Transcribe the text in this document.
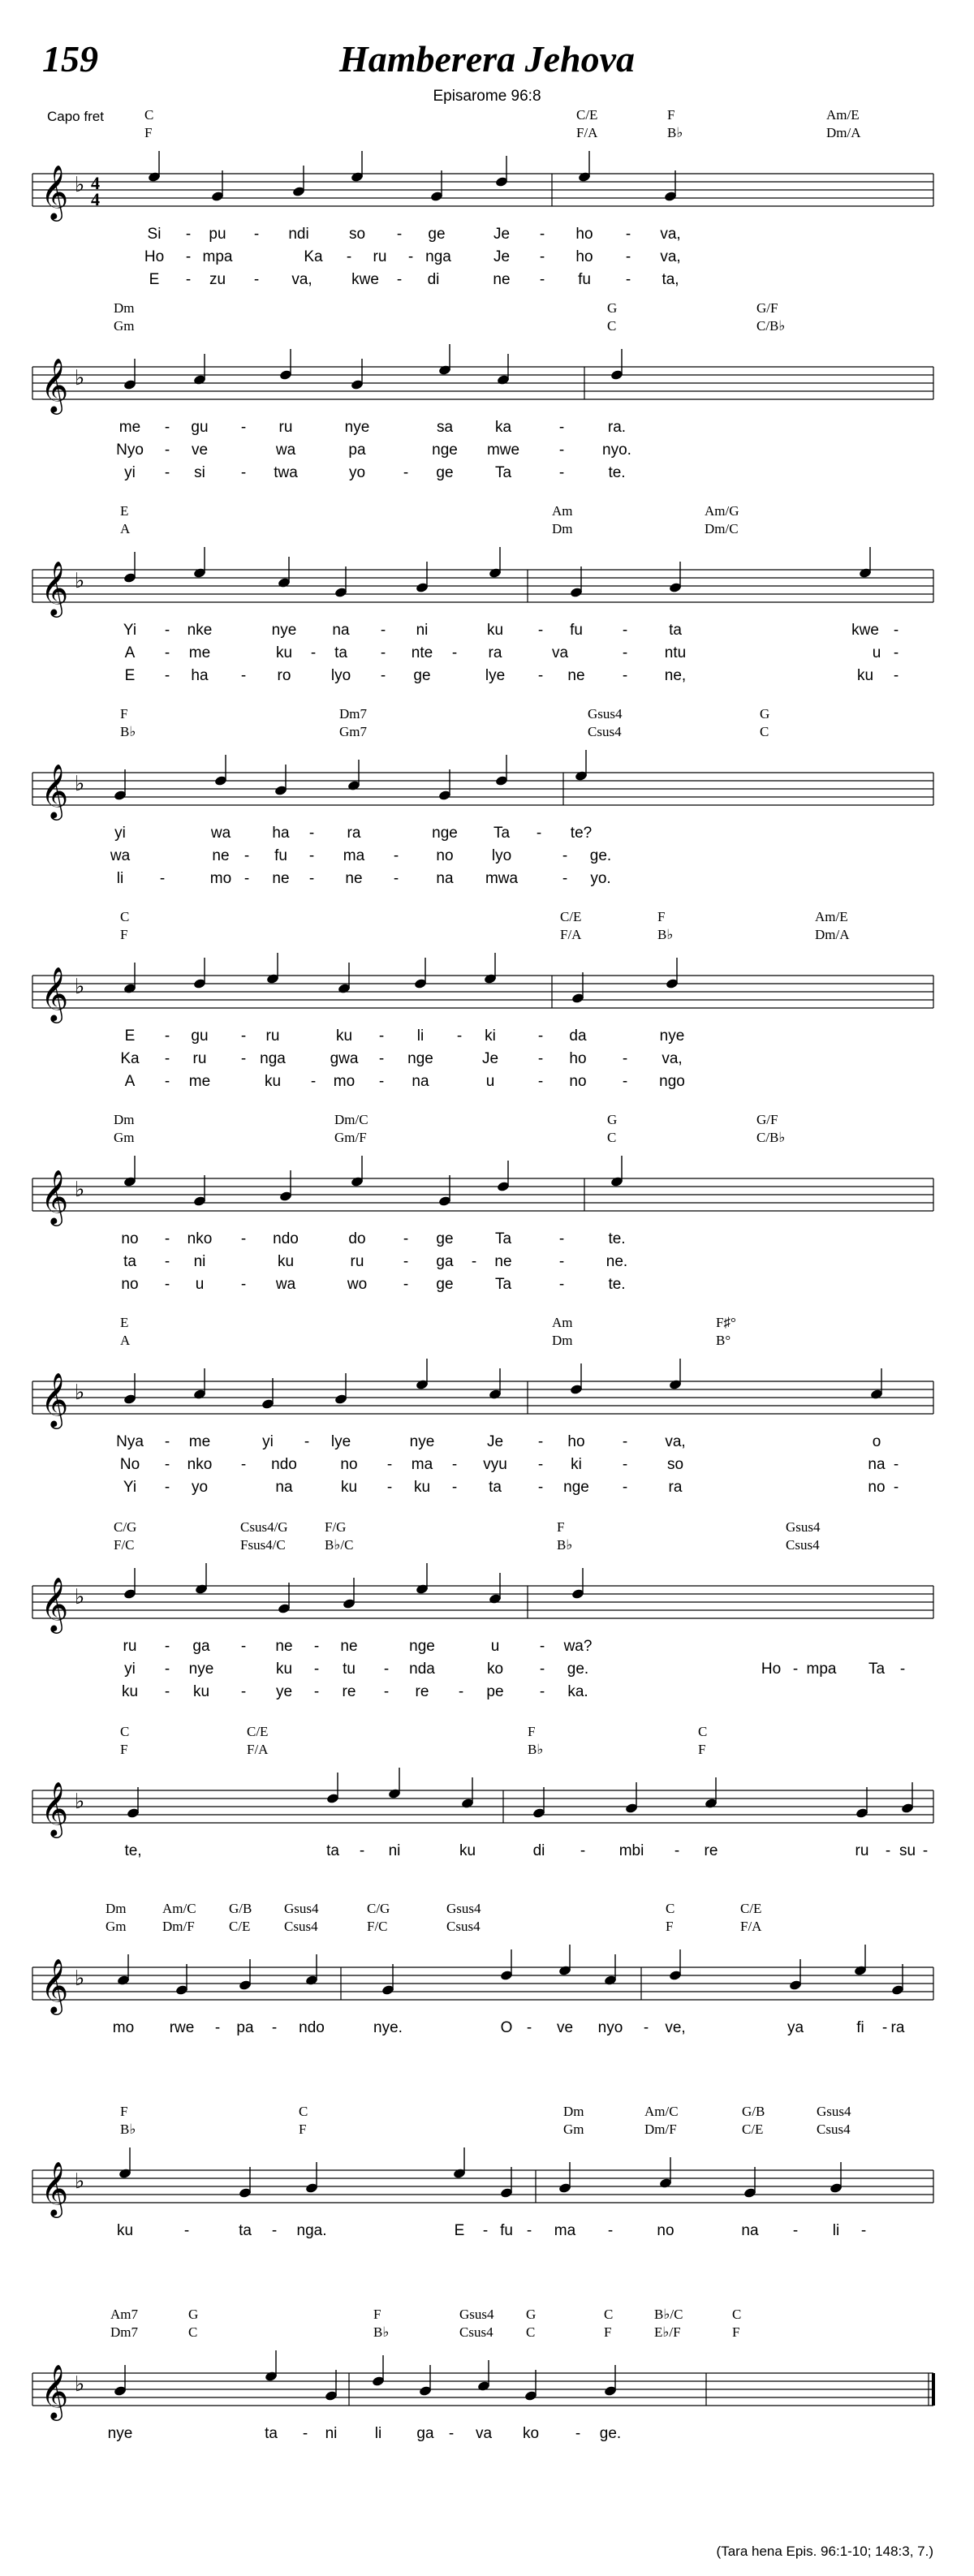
159	Hamberera Jehova
Episarome 96:8
Capo fret	C	C/E	F	Am/E
F	F/A	B♭	Dm/A
𝄞 ♭ 4
4
Si - pu - ndi	so - ge	Je - ho - va,
Ho - mpa	Ka - ru - nga	Je - ho - va,
E - zu - va,	kwe - di	ne - fu - ta,
Dm	G	G/F
Gm	C	C/B♭
𝄞 ♭
me - gu - ru	nye	sa	ka	-	ra.
Nyo - ve	wa	pa	nge mwe	- nyo.
yi - si - twa	yo - ge	Ta	-	te.
E	Am	Am/G
A	Dm	Dm/C
𝄞 ♭
Yi - nke	nye na - ni	ku - fu	-	ta	kwe -
A - me	ku - ta - nte - ra	va	- ntu	u -
E - ha - ro	lyo - ge	lye - ne - ne,	ku -
F	Dm7	Gsus4	G
B♭	Gm7	Csus4	C
𝄞 ♭
yi	wa	ha - ra	nge Ta - te?
wa	ne - fu - ma - no lyo	- ge.
li -	mo - ne - ne - na mwa	- yo.
C	C/E	F	Am/E
F	F/A	B♭	Dm/A
𝄞 ♭
E - gu - ru	ku - li - ki	- da	nye
Ka - ru - nga	gwa - nge	Je	- ho - va,
A - me	ku - mo - na	u	- no - ngo
Dm	Dm/C	G	G/F
Gm	Gm/F	C	C/B♭
𝄞 ♭
no - nko - ndo	do - ge	Ta	-	te.
ta - ni	ku	ru	- ga - ne	-	ne.
no - u - wa	wo - ge	Ta	-	te.
E	Am	F♯°
A	Dm	B°
𝄞 ♭
Nya - me	yi - lye	nye	Je - ho - va,	o
No - nko - ndo	no - ma - vyu - ki	-	so	na -
Yi - yo	na	ku - ku - ta - nge -	ra	no -
C/G	Csus4/G	F/G	F	Gsus4
F/C	Fsus4/C	B♭/C	B♭	Csus4
𝄞 ♭
ru - ga - ne - ne	nge	u	- wa?
yi - nye	ku - tu - nda	ko - ge.	Ho - mpa Ta -
ku - ku - ye - re - re - pe - ka.
C	C/E	F	C
F	F/A	B♭	F
𝄞 ♭
te,	ta - ni	ku	di - mbi - re	ru - su -
Dm	Am/C G/B Gsus4	C/G	Gsus4	C	C/E
Gm	Dm/F C/E Csus4	F/C	Csus4	F	F/A
𝄞 ♭
mo rwe - pa - ndo	nye.	O - ve nyo - ve,	ya	fi - ra
F	C	Dm	Am/C	G/B	Gsus4
B♭	F	Gm	Dm/F	C/E	Csus4
𝄞 ♭
ku	-	ta - nga.	E - fu - ma -	no	na - li -
Am7	G	F	Gsus4 G	C	B♭/C	C
Dm7	C	B♭	Csus4 C	F	E♭/F	F
𝄞 ♭
nye	ta - ni li ga - va ko - ge.
(Tara hena Epis. 96:1-10; 148:3, 7.)
